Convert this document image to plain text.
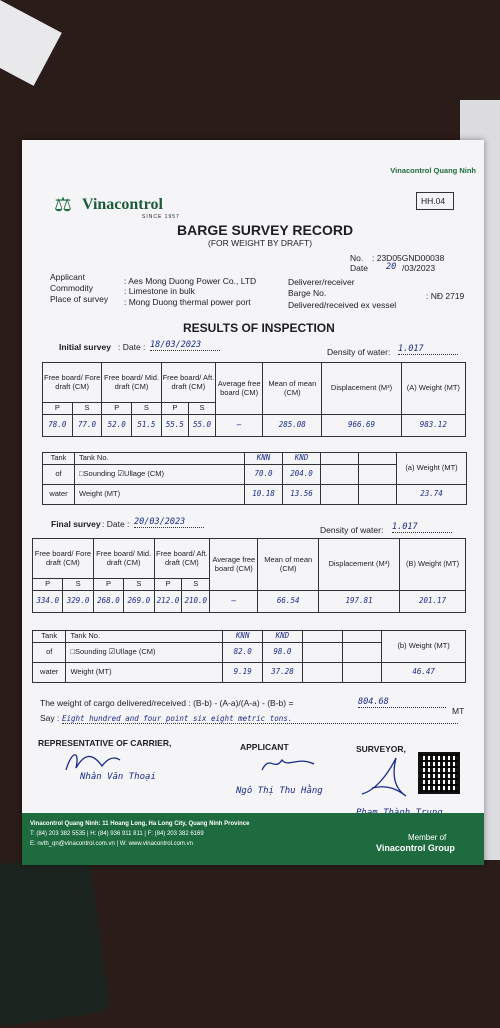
Vinacontrol Quang Ninh
⚖ Vinacontrol
SINCE 1957
HH.04
BARGE SURVEY RECORD
(FOR WEIGHT BY DRAFT)
No. : 23D05GND00038
Date 20 /03/2023
Applicant	: Aes Mong Duong Power Co., LTD
Commodity	: Limestone in bulk
Place of survey : Mong Duong thermal power port
Deliverer/receiver
Barge No.	: NĐ 2719
Delivered/received ex vessel
RESULTS OF INSPECTION
Initial survey : Date : 18/03/2023
Density of water: 1.017
Free board/ Fore draft (CM)		Free board/ Mid. draft (CM)		Free board/ Aft. draft (CM)		Average free board (CM)	Mean of mean (CM)	Displacement (M³)	(A) Weight (MT)
P	S	P	S	P	S				
78.0	77.0	52.0	51.5	55.5	55.0	–	285.08	966.69	983.12
Tank	Tank No.	KNN	KND			(a) Weight (MT)
of	□Sounding ☑Ullage (CM)	70.0	204.0			
water	Weight (MT)	10.18	13.56			23.74
Final survey : Date : 20/03/2023
Density of water: 1.017
Free board/ Fore draft (CM)		Free board/ Mid. draft (CM)		Free board/ Aft. draft (CM)		Average free board (CM)	Mean of mean (CM)	Displacement (M³)	(B) Weight (MT)
P	S	P	S	P	S				
334.0	329.0	268.0	269.0	212.0	210.0	–	66.54	197.81	201.17
Tank	Tank No.	KNN	KND			(b) Weight (MT)
of	□Sounding ☑Ullage (CM)	82.0	98.0			
water	Weight (MT)	9.19	37.28			46.47
The weight of cargo delivered/received : (B-b) - (A-a)/(A-a) - (B-b) =	804.68
MT
Say : Eight hundred and four point six eight metric tons.
REPRESENTATIVE OF CARRIER,	APPLICANT	SURVEYOR,
Nhân Văn Thoại
Ngô Thị Thu Hằng
Vinacontrol Quang Ninh: 11 Hoang Long, Ha Long City, Quang Ninh Province
T: (84) 203 382 5535 | H: (84) 936 911 811 | F: (84) 203 382 6169
E: nvth_qn@vinacontrol.com.vn | W: www.vinacontrol.com.vn
Member of
Vinacontrol Group
